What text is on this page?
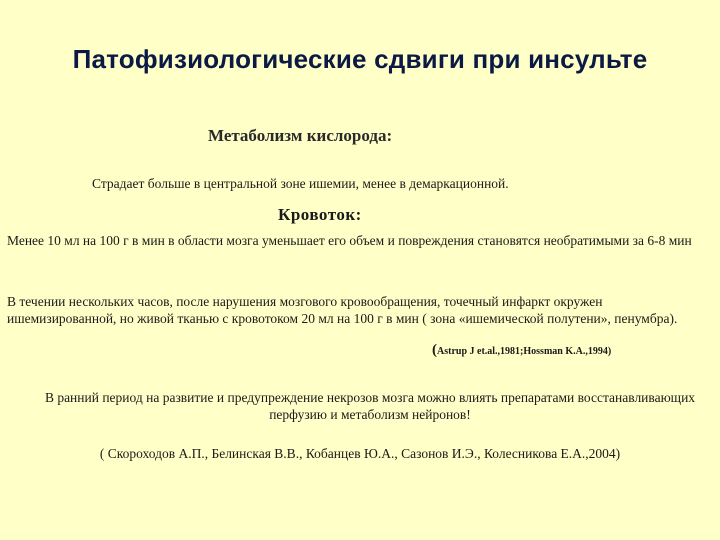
Патофизиологические сдвиги при инсульте
Метаболизм кислорода:
Страдает больше в центральной зоне ишемии, менее в демаркационной.
Кровоток:
Менее 10 мл на 100 г в мин в области мозга уменьшает его объем и повреждения становятся необратимыми за 6-8 мин
В течении нескольких часов, после нарушения мозгового кровообращения, точечный инфаркт окружен ишемизированной, но живой тканью с кровотоком 20 мл на 100 г в мин ( зона «ишемической полутени», пенумбра).
(Astrup J et.al.,1981;Hossman K.A.,1994)
В ранний период на развитие и предупреждение некрозов мозга можно влиять препаратами восстанавливающих перфузию и метаболизм нейронов!
( Скороходов А.П., Белинская В.В., Кобанцев Ю.А., Сазонов И.Э., Колесникова Е.А.,2004)
